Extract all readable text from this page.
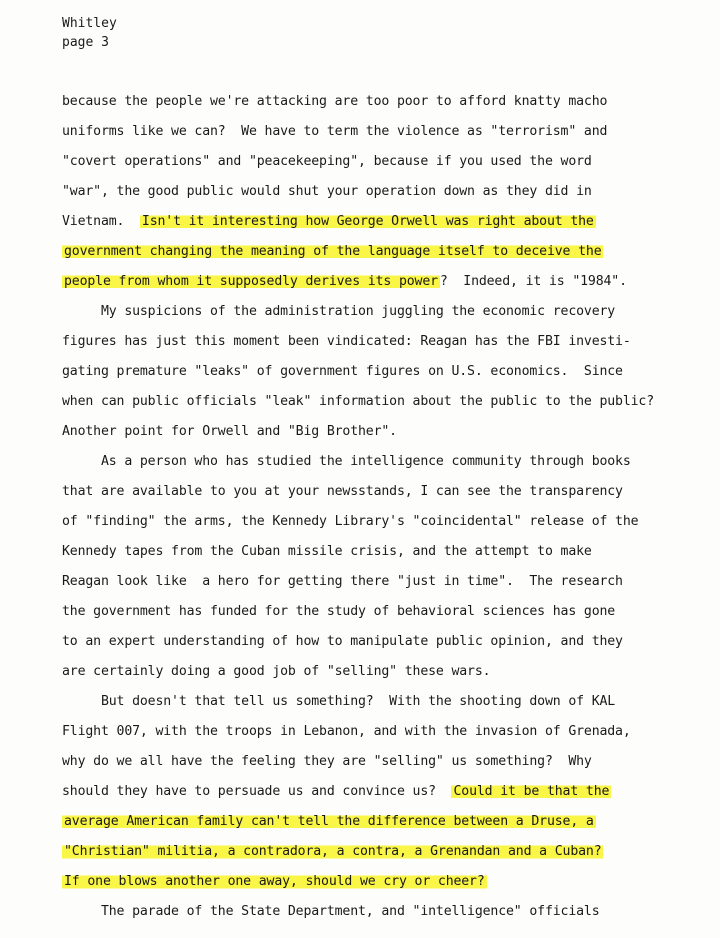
Whitley
page 3
because the people we're attacking are too poor to afford knatty macho
uniforms like we can?  We have to term the violence as "terrorism" and
"covert operations" and "peacekeeping", because if you used the word
"war", the good public would shut your operation down as they did in
Vietnam.  Isn't it interesting how George Orwell was right about the
government changing the meaning of the language itself to deceive the
people from whom it supposedly derives its power ?  Indeed, it is "1984".
My suspicions of the administration juggling the economic recovery
figures has just this moment been vindicated: Reagan has the FBI investi-
gating premature "leaks" of government figures on U.S. economics.  Since
when can public officials "leak" information about the public to the public?
Another point for Orwell and "Big Brother".
As a person who has studied the intelligence community through books
that are available to you at your newsstands, I can see the transparency
of "finding" the arms, the Kennedy Library's "coincidental" release of the
Kennedy tapes from the Cuban missile crisis, and the attempt to make
Reagan look like  a hero for getting there "just in time".  The research
the government has funded for the study of behavioral sciences has gone
to an expert understanding of how to manipulate public opinion, and they
are certainly doing a good job of "selling" these wars.
But doesn't that tell us something?  With the shooting down of KAL
Flight 007, with the troops in Lebanon, and with the invasion of Grenada,
why do we all have the feeling they are "selling" us something?  Why
should they have to persuade us and convince us?  Could it be that the
average American family can't tell the difference between a Druse, a
"Christian" militia, a contradora, a contra, a Grenandan and a Cuban?
If one blows another one away, should we cry or cheer?
The parade of the State Department, and "intelligence" officials
